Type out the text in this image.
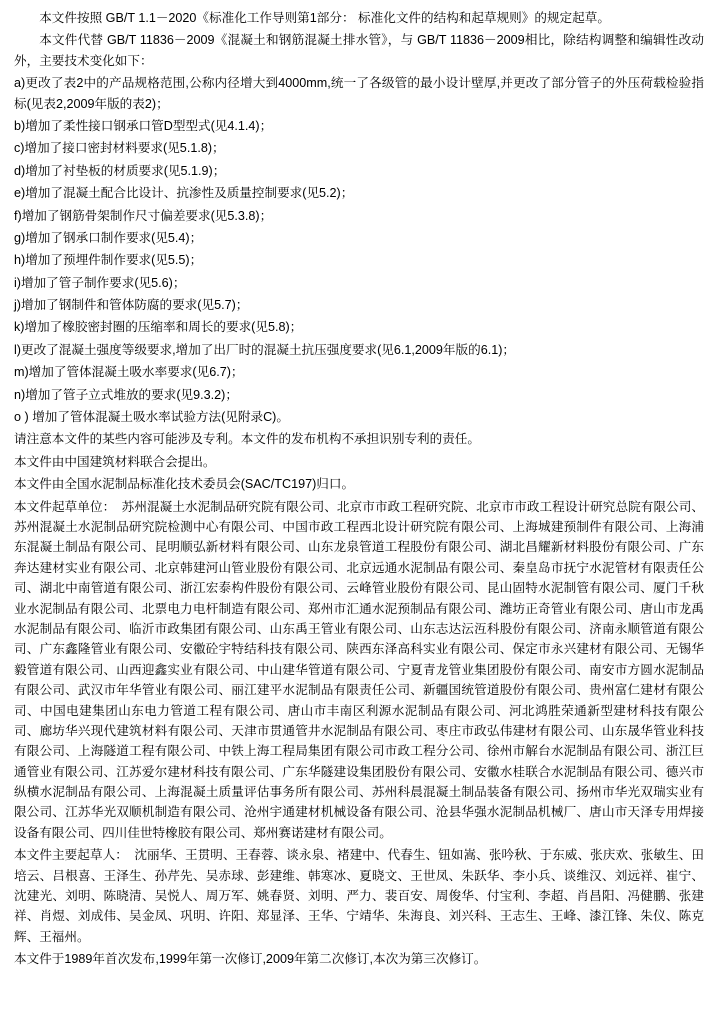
本文件按照 GB/T 1.1－2020《标准化工作导则第1部分： 标准化文件的结构和起草规则》的规定起草。

本文件代替 GB/T 11836－2009《混凝土和钢筋混凝土排水管》，与 GB/T 11836－2009相比，除结构调整和编辑性改动外，主要技术变化如下：

a)更改了表2中的产品规格范围,公称内径增大到4000mm,统一了各级管的最小设计壁厚,并更改了部分管子的外压荷载检验指标(见表2,2009年版的表2)；

b)增加了柔性接口钢承口管D型型式(见4.1.4)；

c)增加了接口密封材料要求(见5.1.8)；

d)增加了衬垫板的材质要求(见5.1.9)；

e)增加了混凝土配合比设计、抗渗性及质量控制要求(见5.2)；

f)增加了钢筋骨架制作尺寸偏差要求(见5.3.8)；

g)增加了钢承口制作要求(见5.4)；

h)增加了预埋件制作要求(见5.5)；

i)增加了管子制作要求(见5.6)；

j)增加了钢制件和管体防腐的要求(见5.7)；

k)增加了橡胶密封圈的压缩率和周长的要求(见5.8)；

l)更改了混凝土强度等级要求,增加了出厂时的混凝土抗压强度要求(见6.1,2009年版的6.1)；

m)增加了管体混凝土吸水率要求(见6.7)；

n)增加了管子立式堆放的要求(见9.3.2)；

o ) 增加了管体混凝土吸水率试验方法(见附录C)。

请注意本文件的某些内容可能涉及专利。本文件的发布机构不承担识别专利的责任。

本文件由中国建筑材料联合会提出。

本文件由全国水泥制品标准化技术委员会(SAC/TC197)归口。

本文件起草单位：　 苏州混凝土水泥制品研究院有限公司、北京市市政工程研究院、北京市市政工程设计研究总院有限公司、苏州混凝土水泥制品研究院检测中心有限公司、中国市政工程西北设计研究院有限公司、上海城建预制件有限公司、上海浦东混凝土制品有限公司、昆明顺弘新材料有限公司、山东龙泉管道工程股份有限公司、湖北昌耀新材料股份有限公司、广东奔达建材实业有限公司、北京韩建河山管业股份有限公司、北京远通水泥制品有限公司、秦皇岛市抚宁水泥管材有限责任公司、湖北中南管道有限公司、浙江宏泰构件股份有限公司、云峰管业股份有限公司、昆山固特水泥制管有限公司、厦门千秋业水泥制品有限公司、北票电力电杆制造有限公司、郑州市汇通水泥预制品有限公司、潍坊正奇管业有限公司、唐山市龙禹水泥制品有限公司、临沂市政集团有限公司、山东禹王管业有限公司、山东志达沄沍科股份有限公司、济南永顺管道有限公司、广东鑫隆管业有限公司、安徽砼宇特结科技有限公司、陕西东泽高科实业有限公司、保定市永兴建材有限公司、无锡华毅管道有限公司、山西迎鑫实业有限公司、中山建华管道有限公司、宁夏青龙管业集团股份有限公司、南安市方圆水泥制品有限公司、武汉市年华管业有限公司、丽江建平水泥制品有限责任公司、新疆国统管道股份有限公司、贵州富仁建材有限公司、中国电建集团山东电力管道工程有限公司、唐山市丰南区利源水泥制品有限公司、河北鸿胜荣通新型建材科技有限公司、廊坊华兴现代建筑材料有限公司、天津市贯通管井水泥制品有限公司、枣庄市政弘伟建材有限公司、山东晟华管业科技有限公司、上海隧道工程有限公司、中铁上海工程局集团有限公司市政工程分公司、徐州市解台水泥制品有限公司、浙江巨通管业有限公司、江苏爱尔建材科技有限公司、广东华隧建设集团股份有限公司、安徽水桂联合水泥制品有限公司、德兴市纵横水泥制品有限公司、上海混凝土质量评估事务所有限公司、苏州科晨混凝土制品装备有限公司、扬州市华光双瑞实业有限公司、江苏华光双顺机制造有限公司、沧州宇通建材机械设备有限公司、沧县华强水泥制品机械厂、唐山市天泽专用焊接设备有限公司、四川佳世特橡胶有限公司、郑州赛诺建材有限公司。

本文件主要起草人：　 沈丽华、王贯明、王春蓉、谈永泉、褚建中、代春生、钮如嵩、张吟秋、于东威、张庆欢、张敏生、田培云、吕根喜、王泽生、孙芹先、吴赤球、彭建维、韩寒冰、夏晓文、王世凤、朱跃华、李小兵、谈维汉、刘远祥、崔宁、沈建光、刘明、陈晓清、吴悦人、周万军、姚春贤、刘明、严力、裴百安、周俊华、付宝利、李超、肖昌阳、冯健鹏、张建祥、肖煜、刘成伟、吴金凤、巩明、许阳、郑显泽、王华、宁靖华、朱海良、刘兴科、王志生、王峰、漆江锋、朱仪、陈克辉、王福州。

本文件于1989年首次发布,1999年第一次修订,2009年第二次修订,本次为第三次修订。
